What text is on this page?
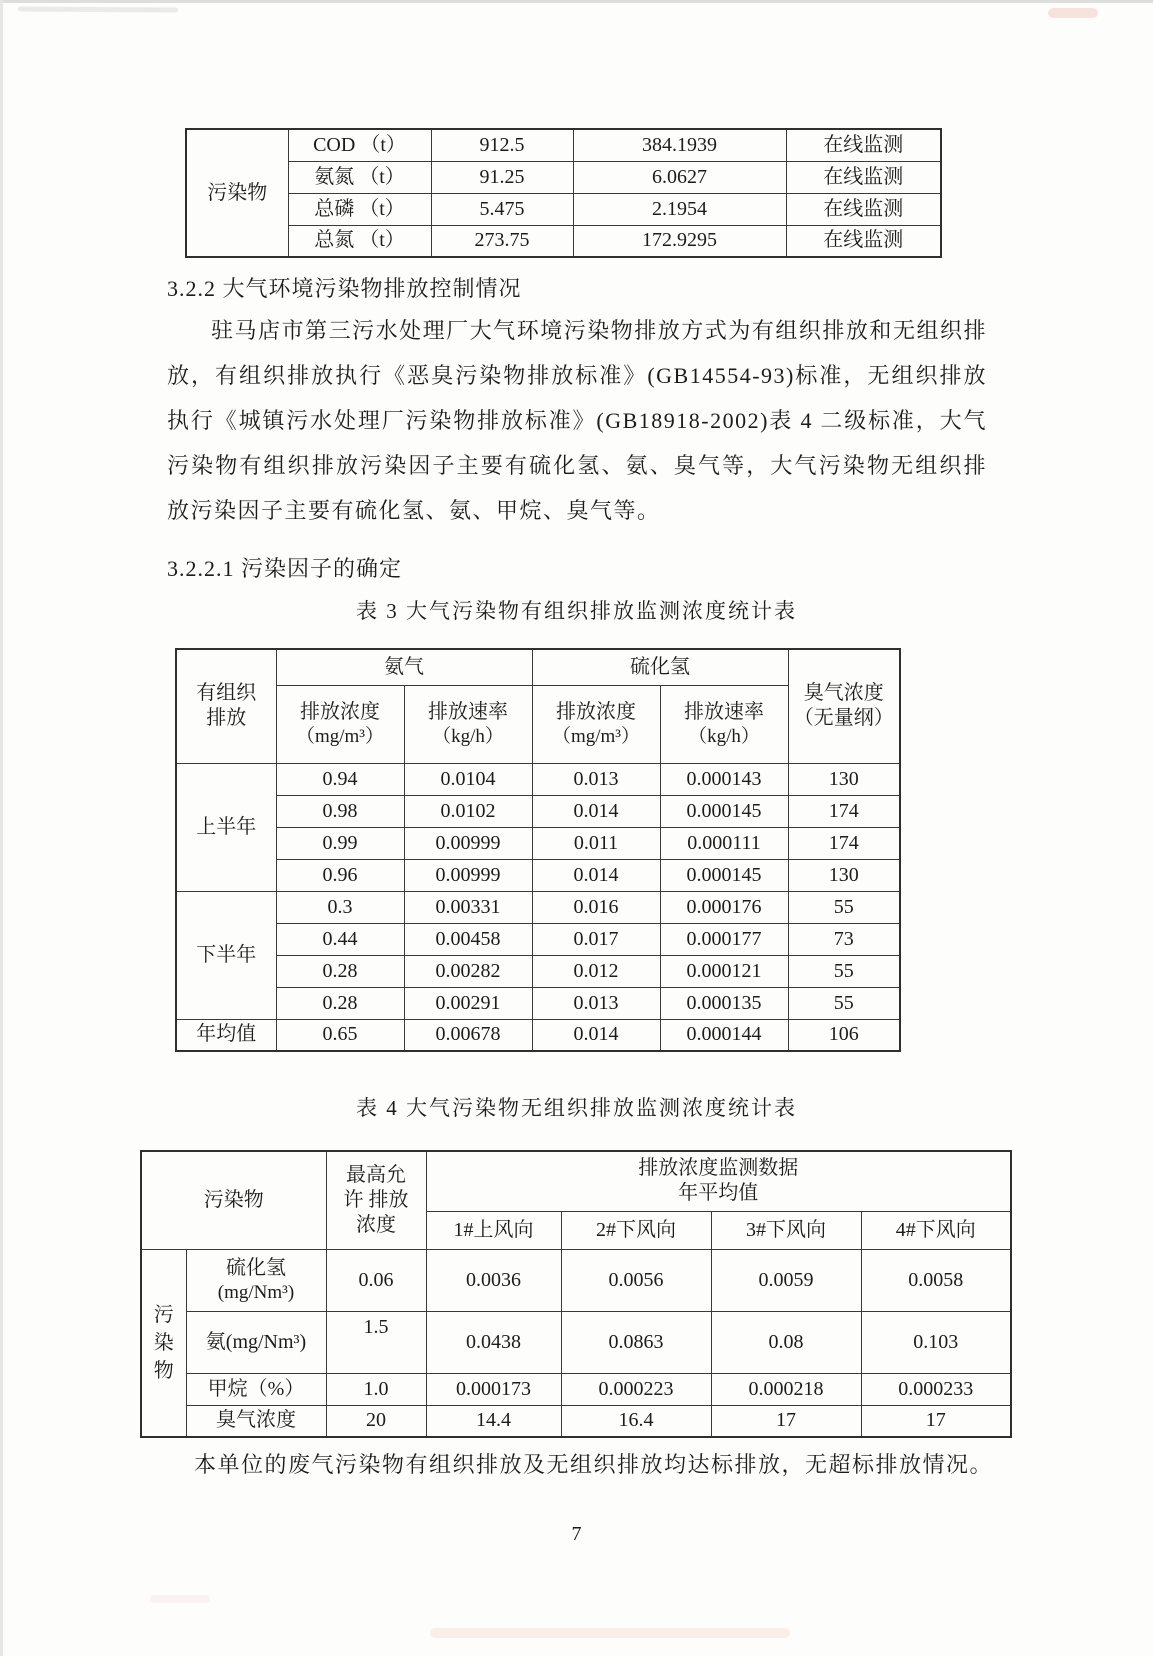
污染物	COD （t）	912.5	384.1939	在线监测
	氨氮 （t）	91.25	6.0627	在线监测
	总磷 （t）	5.475	2.1954	在线监测
	总氮 （t）	273.75	172.9295	在线监测
3.2.2 大气环境污染物排放控制情况
驻马店市第三污水处理厂大气环境污染物排放方式为有组织排放和无组织排放，有组织排放执行《恶臭污染物排放标准》(GB14554-93)标准，无组织排放执行《城镇污水处理厂污染物排放标准》(GB18918-2002)表 4 二级标准，大气污染物有组织排放污染因子主要有硫化氢、氨、臭气等，大气污染物无组织排放污染因子主要有硫化氢、氨、甲烷、臭气等。
3.2.2.1 污染因子的确定
表 3 大气污染物有组织排放监测浓度统计表
有组织
排放	氨气		硫化氢		臭气浓度
（无量纲）
	排放浓度
（mg/m³）	排放速率
（kg/h）	排放浓度
（mg/m³）	排放速率
（kg/h）	

上半年	0.94	0.0104	0.013	0.000143	130
	0.98	0.0102	0.014	0.000145	174
	0.99	0.00999	0.011	0.000111	174
	0.96	0.00999	0.014	0.000145	130
下半年	0.3	0.00331	0.016	0.000176	55
	0.44	0.00458	0.017	0.000177	73
	0.28	0.00282	0.012	0.000121	55
	0.28	0.00291	0.013	0.000135	55
年均值	0.65	0.00678	0.014	0.000144	106
表 4 大气污染物无组织排放监测浓度统计表
污染物		最高允
许 排放
浓度	排放浓度监测数据
年平均值			
			1#上风向	2#下风向	3#下风向	4#下风向

污
染
物	硫化氢
(mg/Nm³)	0.06	0.0036	0.0056	0.0059	0.0058
	氨(mg/Nm³)	1.5	0.0438	0.0863	0.08	0.103
	甲烷（%）	1.0	0.000173	0.000223	0.000218	0.000233
	臭气浓度	20	14.4	16.4	17	17
本单位的废气污染物有组织排放及无组织排放均达标排放，无超标排放情况。
7
